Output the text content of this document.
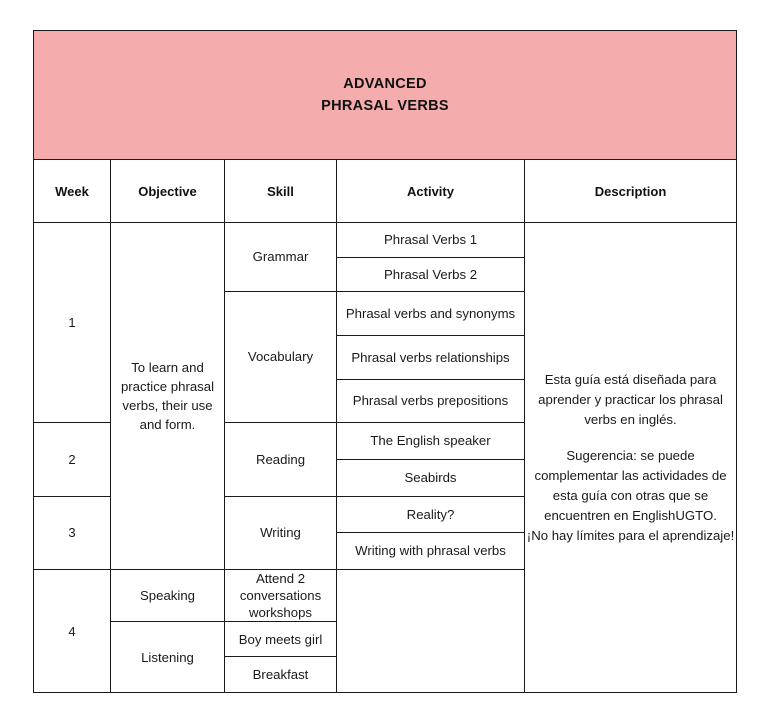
ADVANCED
PHRASAL VERBS				

Week	Objective	Skill	Activity	Description
1	To learn and practice phrasal verbs, their use and form.	Grammar	Phrasal Verbs 1	Esta guía está diseñada para aprender y practicar los phrasal verbs en inglés.

Sugerencia: se puede complementar las actividades de esta guía con otras que se encuentren en EnglishUGTO.

¡No hay límites para el aprendizaje!

			Phrasal Verbs 2	
		Vocabulary	Phrasal verbs and synonyms	
			Phrasal verbs relationships	
			Phrasal verbs prepositions	
2		Reading	The English speaker	
			Seabirds	
3		Writing	Reality?	
			Writing with phrasal verbs	
4	Speaking	Attend 2 conversations workshops		
	Listening	Boy meets girl		
		Breakfast		
